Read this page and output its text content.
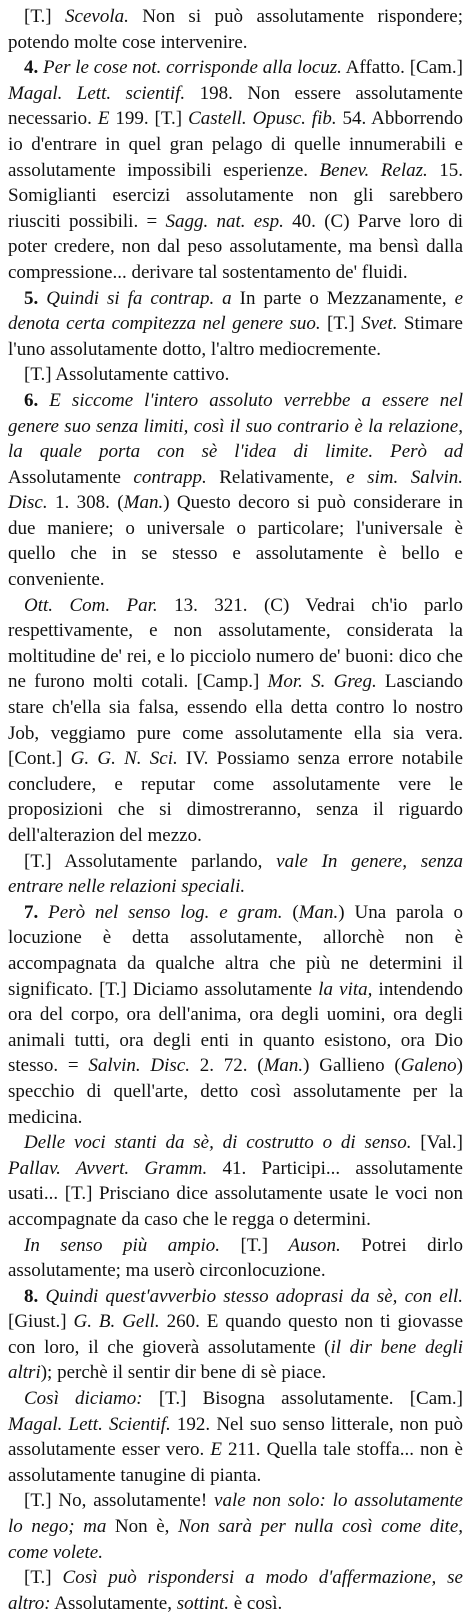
[T.] Scevola. Non si può assolutamente rispondere; potendo molte cose intervenire.

4. Per le cose not. corrisponde alla locuz. Affatto. [Cam.] Magal. Lett. scientif. 198. Non essere assolutamente necessario. E 199. [T.] Castell. Opusc. fib. 54. Abborrendo io d'entrare in quel gran pelago di quelle innumerabili e assolutamente impossibili esperienze. Benev. Relaz. 15. Somiglianti esercizi assolutamente non gli sarebbero riusciti possibili. = Sagg. nat. esp. 40. (C) Parve loro di poter credere, non dal peso assolutamente, ma bensì dalla compressione... derivare tal sostentamento de' fluidi.

5. Quindi si fa contrap. a In parte o Mezzanamente, e denota certa compitezza nel genere suo. [T.] Svet. Stimare l'uno assolutamente dotto, l'altro mediocremente.

[T.] Assolutamente cattivo.

6. E siccome l'intero assoluto verrebbe a essere nel genere suo senza limiti, così il suo contrario è la relazione, la quale porta con sè l'idea di limite. Però ad Assolutamente contrapp. Relativamente, e sim. Salvin. Disc. 1. 308. (Man.) Questo decoro si può considerare in due maniere; o universale o particolare; l'universale è quello che in se stesso e assolutamente è bello e conveniente.

Ott. Com. Par. 13. 321. (C) Vedrai ch'io parlo respettivamente, e non assolutamente, considerata la moltitudine de' rei, e lo picciolo numero de' buoni: dico che ne furono molti cotali. [Camp.] Mor. S. Greg. Lasciando stare ch'ella sia falsa, essendo ella detta contro lo nostro Job, veggiamo pure come assolutamente ella sia vera. [Cont.] G. G. N. Sci. IV. Possiamo senza errore notabile concludere, e reputar come assolutamente vere le proposizioni che si dimostreranno, senza il riguardo dell'alterazion del mezzo.

[T.] Assolutamente parlando, vale In genere, senza entrare nelle relazioni speciali.

7. Però nel senso log. e gram. (Man.) Una parola o locuzione è detta assolutamente, allorchè non è accompagnata da qualche altra che più ne determini il significato. [T.] Diciamo assolutamente la vita, intendendo ora del corpo, ora dell'anima, ora degli uomini, ora degli animali tutti, ora degli enti in quanto esistono, ora Dio stesso. = Salvin. Disc. 2. 72. (Man.) Gallieno (Galeno) specchio di quell'arte, detto così assolutamente per la medicina.

Delle voci stanti da sè, di costrutto o di senso. [Val.] Pallav. Avvert. Gramm. 41. Participi... assolutamente usati... [T.] Prisciano dice assolutamente usate le voci non accompagnate da caso che le regga o determini.

In senso più ampio. [T.] Auson. Potrei dirlo assolutamente; ma userò circonlocuzione.

8. Quindi quest'avverbio stesso adoprasi da sè, con ell. [Giust.] G. B. Gell. 260. E quando questo non ti giovasse con loro, il che gioverà assolutamente (il dir bene degli altri); perchè il sentir dir bene di sè piace.

Così diciamo: [T.] Bisogna assolutamente. [Cam.] Magal. Lett. Scientif. 192. Nel suo senso litterale, non può assolutamente esser vero. E 211. Quella tale stoffa... non è assolutamente tanugine di pianta.

[T.] No, assolutamente! vale non solo: lo assolutamente lo nego; ma Non è, Non sarà per nulla così come dite, come volete.

[T.] Così può rispondersi a modo d'affermazione, se altro: Assolutamente, sottint. è così.
